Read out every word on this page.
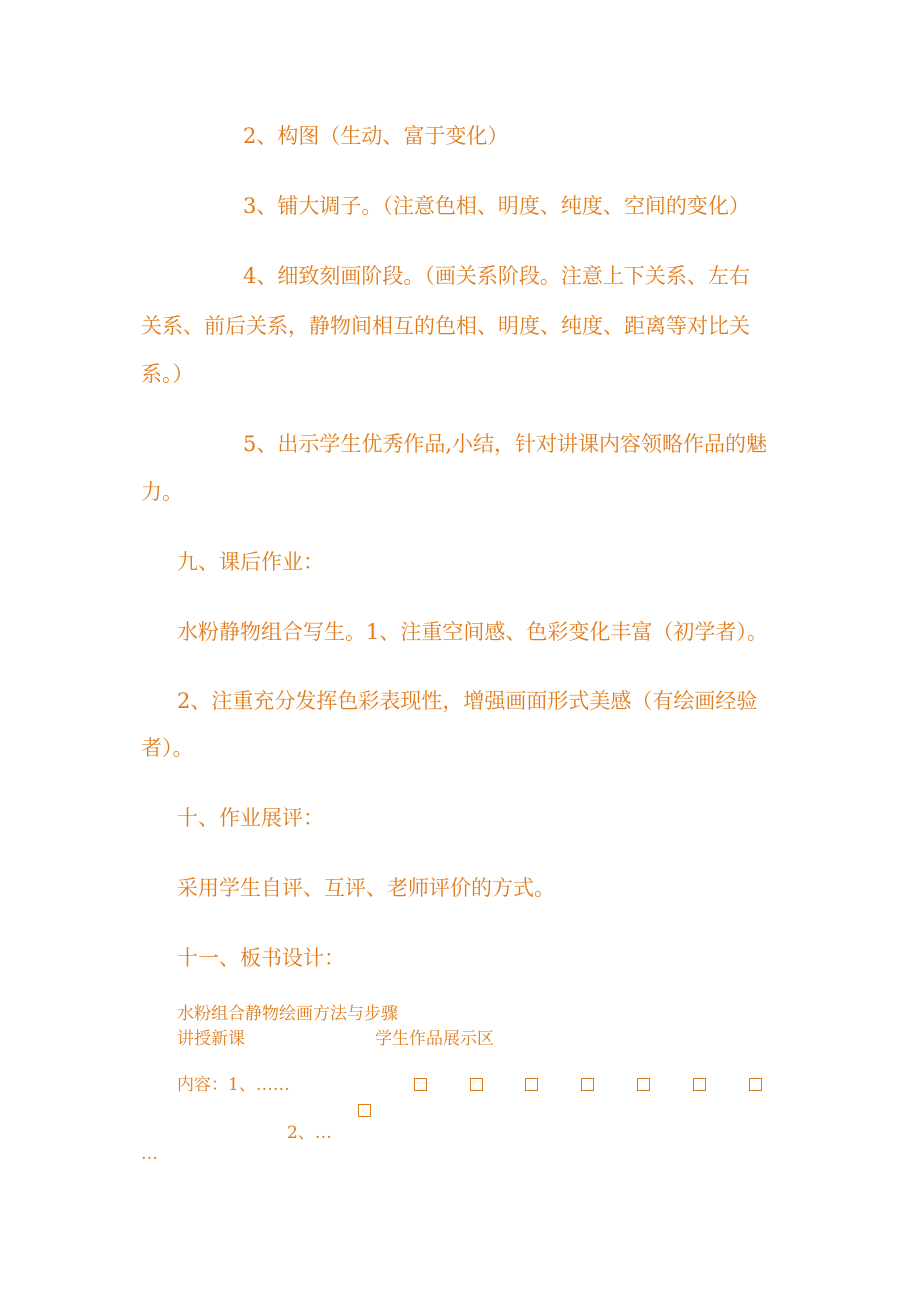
2、构图（生动、富于变化）

3、铺大调子。（注意色相、明度、纯度、空间的变化）

4、细致刻画阶段。（画关系阶段。注意上下关系、左右

关系、前后关系，静物间相互的色相、明度、纯度、距离等对比关

系。）

5、出示学生优秀作品,小结，针对讲课内容领略作品的魅

力。

九、课后作业：

水粉静物组合写生。1、注重空间感、色彩变化丰富（初学者）。

2、注重充分发挥色彩表现性，增强画面形式美感（有绘画经验

者）。

十、作业展评：

采用学生自评、互评、老师评价的方式。

十一、板书设计：

水粉组合静物绘画方法与步骤

讲授新课	学生作品展示区

内容：1、……

2、…

…
